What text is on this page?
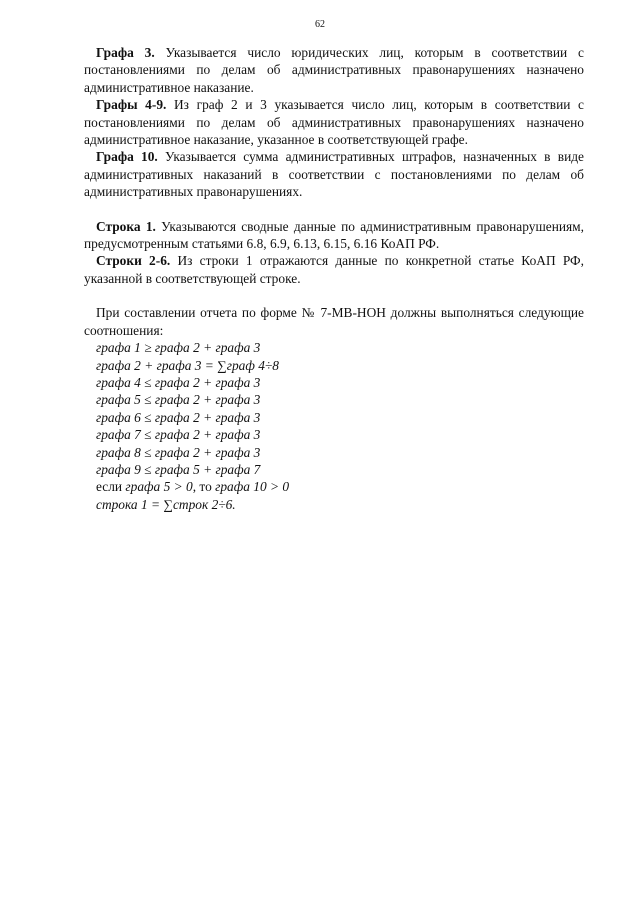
62

Графа 3. Указывается число юридических лиц, которым в соответствии с постановлениями по делам об административных правонарушениях назначено административное наказание.

Графы 4-9. Из граф 2 и 3 указывается число лиц, которым в соответствии с постановлениями по делам об административных правонарушениях назначено административное наказание, указанное в соответствующей графе.

Графа 10. Указывается сумма административных штрафов, назначенных в виде административных наказаний в соответствии с постановлениями по делам об административных правонарушениях.

Строка 1. Указываются сводные данные по административным правонарушениям, предусмотренным статьями 6.8, 6.9, 6.13, 6.15, 6.16 КоАП РФ.

Строки 2-6. Из строки 1 отражаются данные по конкретной статье КоАП РФ, указанной в соответствующей строке.

При составлении отчета по форме № 7-МВ-НОН должны выполняться следующие соотношения:

графа 1 ≥ графа 2 + графа 3
графа 2 + графа 3 = ∑граф 4÷8
графа 4 ≤ графа 2 + графа 3
графа 5 ≤ графа 2 + графа 3
графа 6 ≤ графа 2 + графа 3
графа 7 ≤ графа 2 + графа 3
графа 8 ≤ графа 2 + графа 3
графа 9 ≤ графа 5 + графа 7
если графа 5 > 0, то графа 10 > 0
строка 1 = ∑строк 2÷6.
